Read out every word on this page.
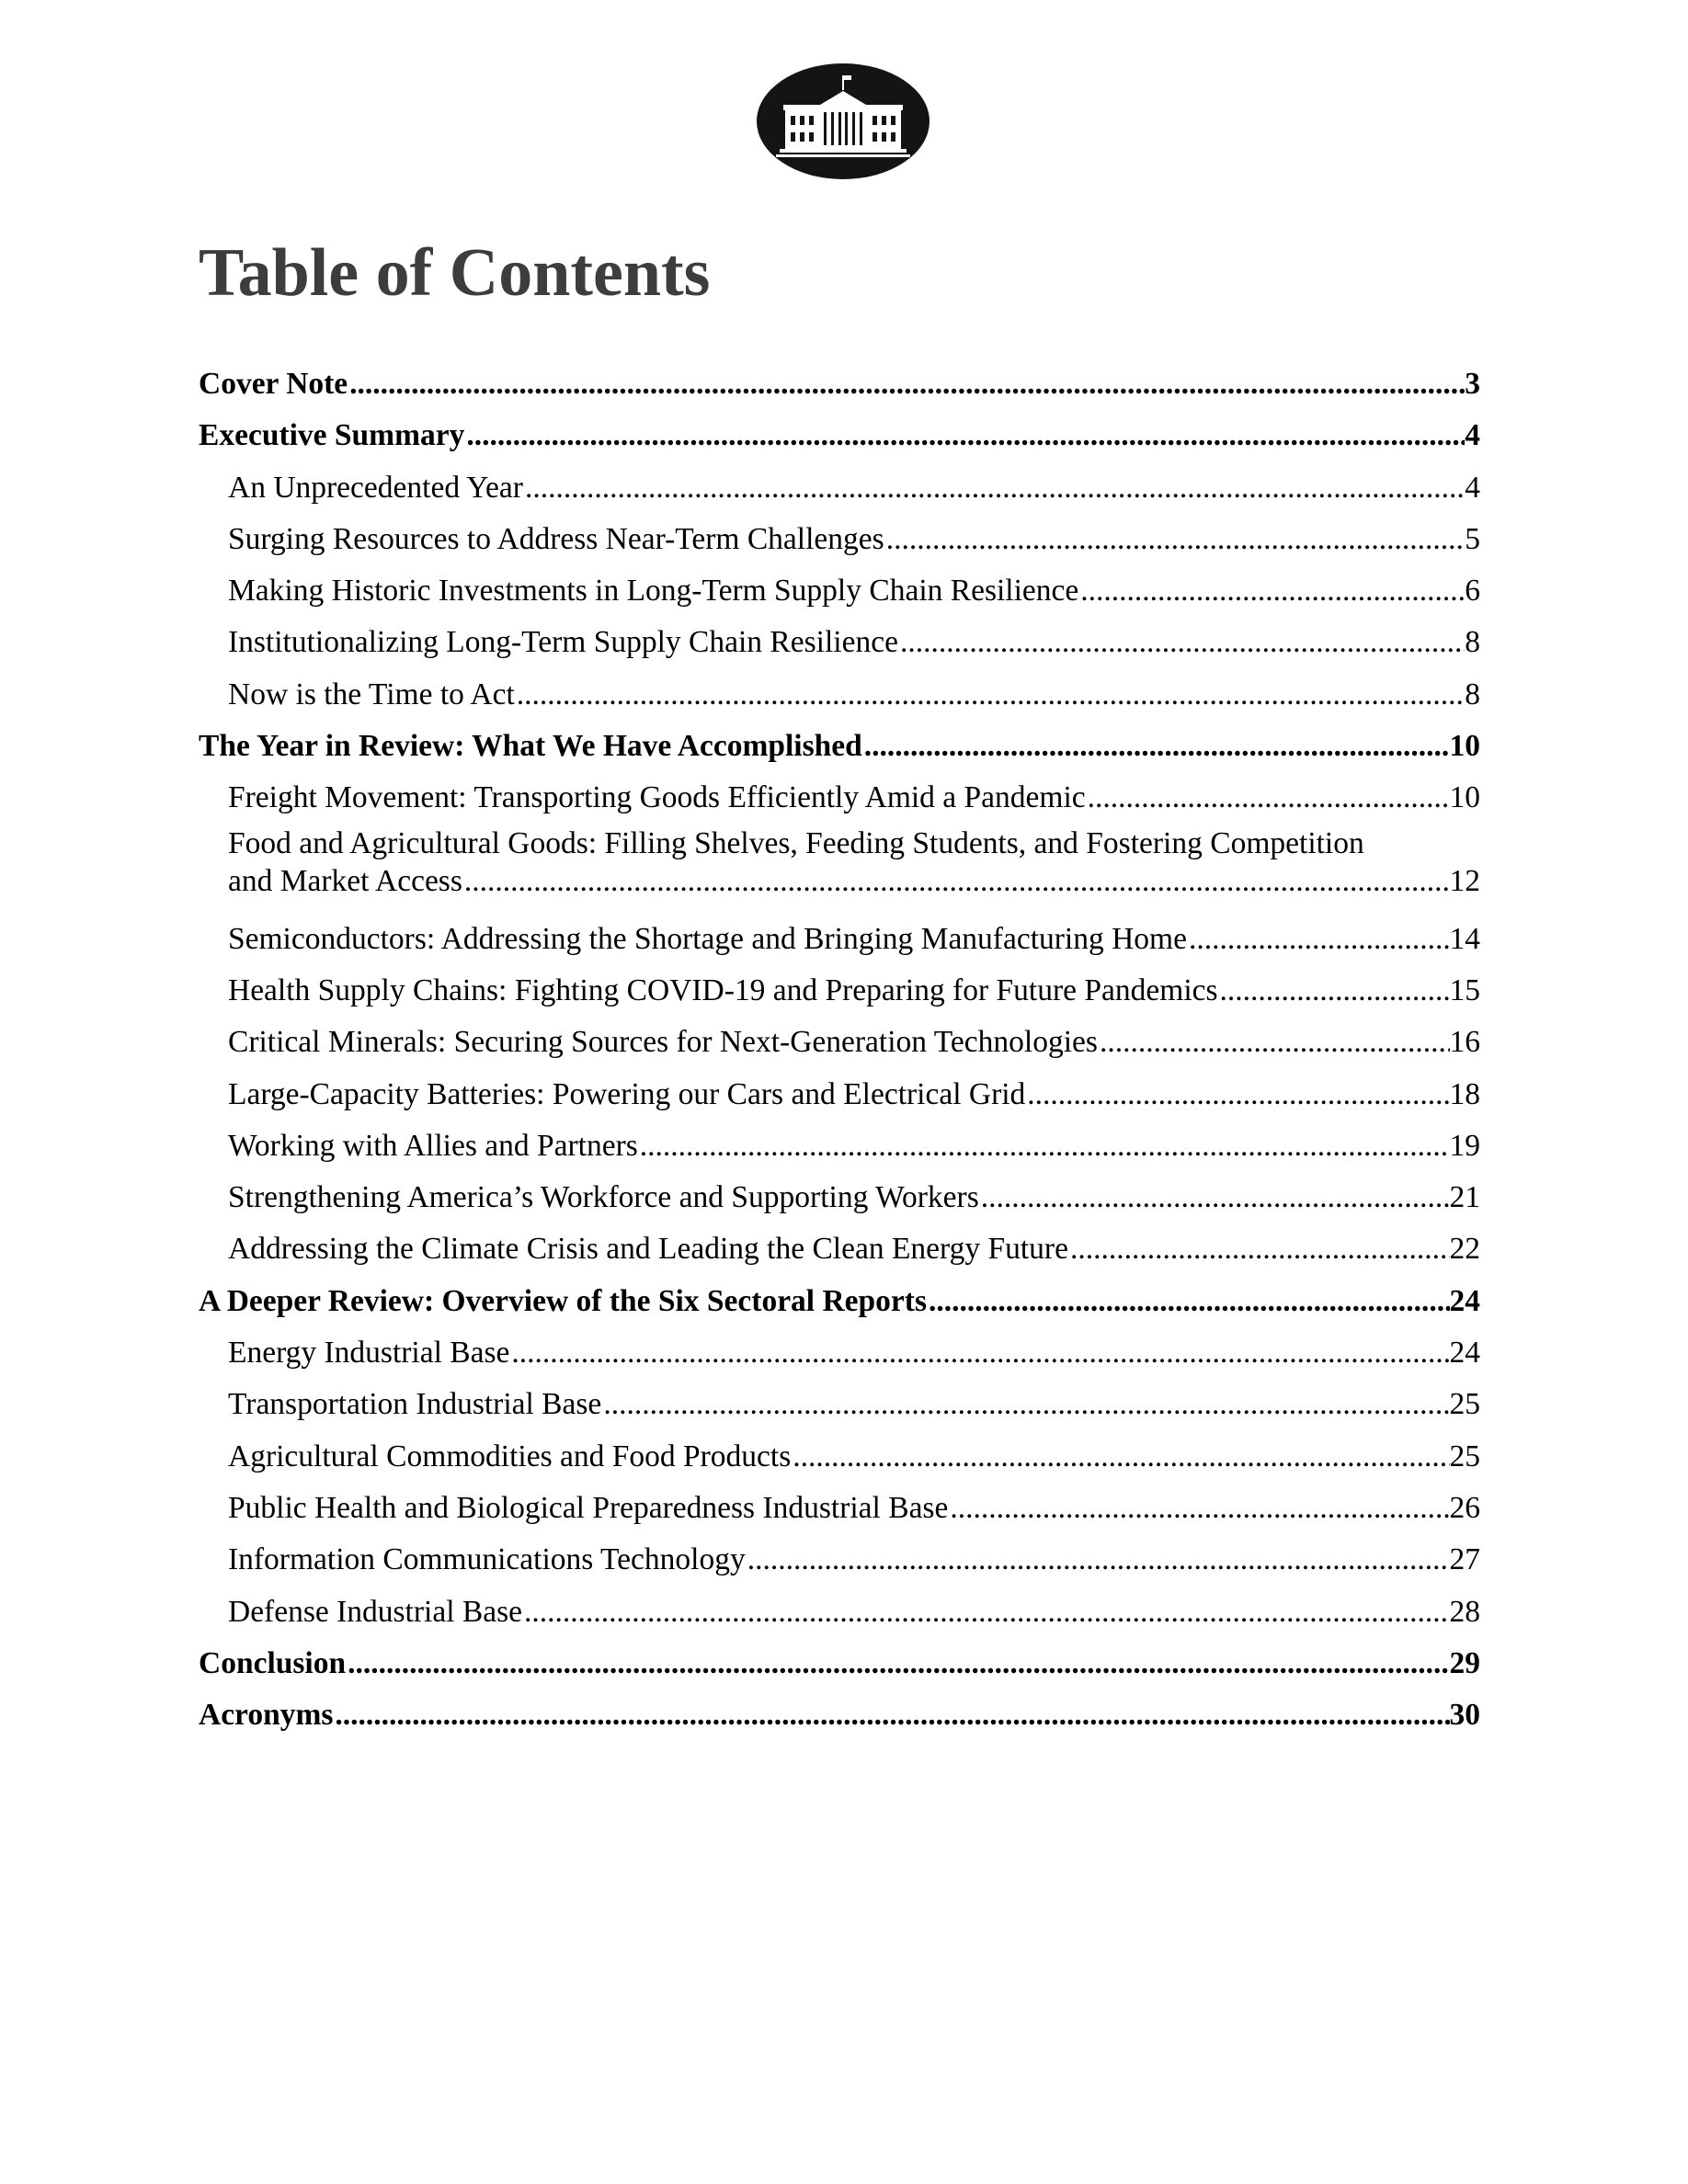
Table of Contents
Cover Note .....	3
Executive Summary .....	4
An Unprecedented Year .....	4
Surging Resources to Address Near-Term Challenges .....	5
Making Historic Investments in Long-Term Supply Chain Resilience .....	6
Institutionalizing Long-Term Supply Chain Resilience .....	8
Now is the Time to Act .....	8
The Year in Review: What We Have Accomplished .....	10
Freight Movement: Transporting Goods Efficiently Amid a Pandemic .....	10
Food and Agricultural Goods: Filling Shelves, Feeding Students, and Fostering Competition
and Market Access .....	12
Semiconductors: Addressing the Shortage and Bringing Manufacturing Home .....	14
Health Supply Chains: Fighting COVID-19 and Preparing for Future Pandemics .....	15
Critical Minerals: Securing Sources for Next-Generation Technologies .....	16
Large-Capacity Batteries: Powering our Cars and Electrical Grid .....	18
Working with Allies and Partners .....	19
Strengthening America’s Workforce and Supporting Workers .....	21
Addressing the Climate Crisis and Leading the Clean Energy Future .....	22
A Deeper Review: Overview of the Six Sectoral Reports .....	24
Energy Industrial Base .....	24
Transportation Industrial Base .....	25
Agricultural Commodities and Food Products .....	25
Public Health and Biological Preparedness Industrial Base .....	26
Information Communications Technology .....	27
Defense Industrial Base .....	28
Conclusion .....	29
Acronyms .....	30
